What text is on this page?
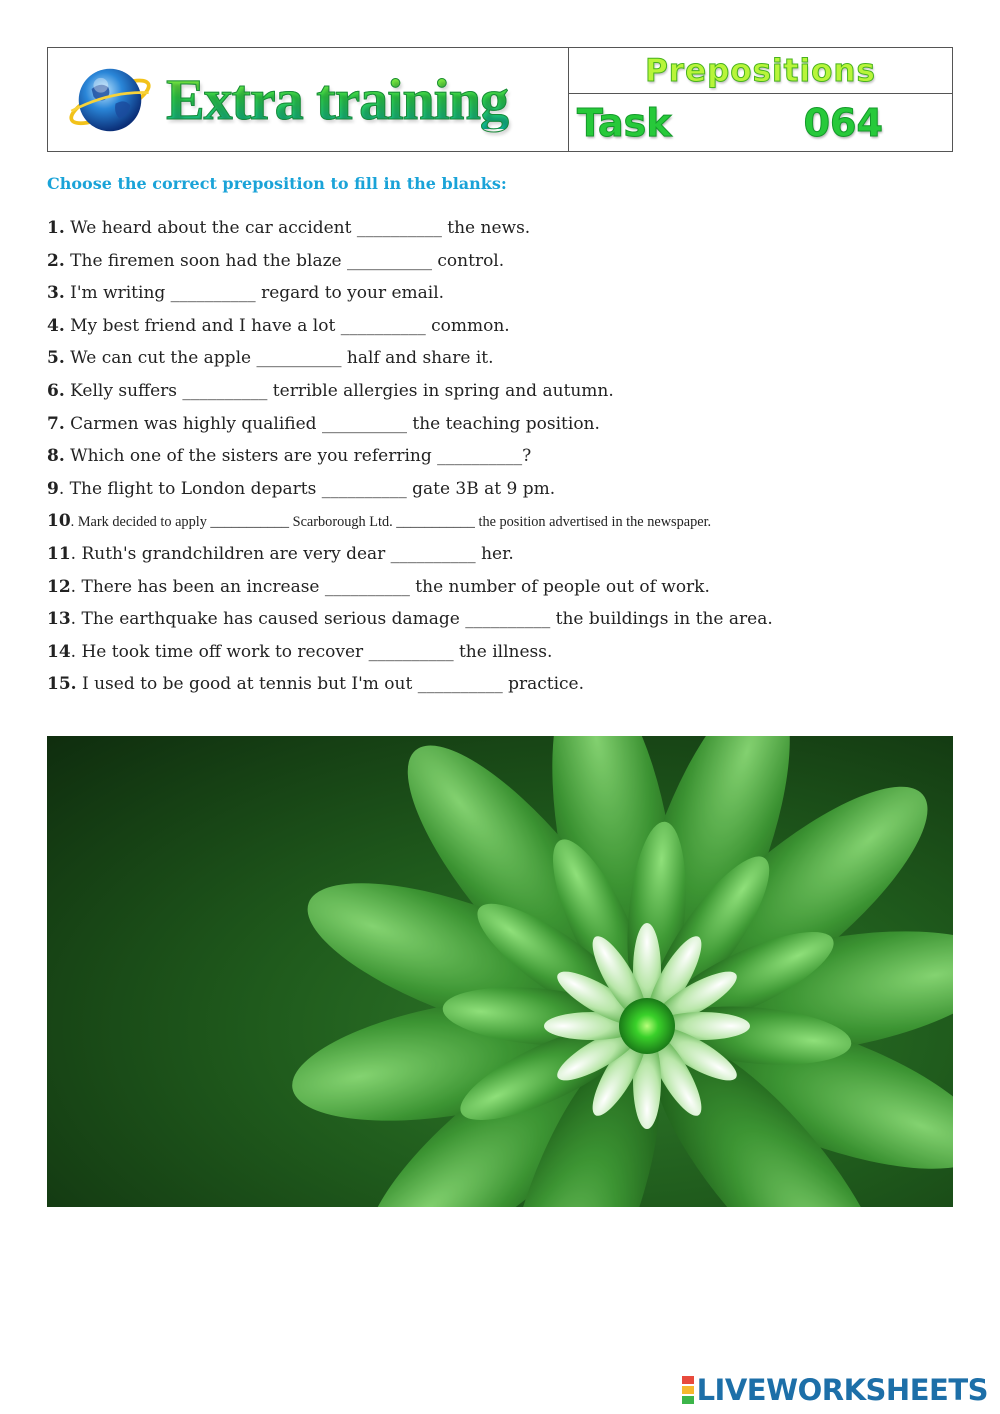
Extra training	Prepositions
Task	064
Choose the correct preposition to fill in the blanks:
1. We heard about the car accident __________ the news.
2. The firemen soon had the blaze __________ control.
3. I'm writing __________ regard to your email.
4. My best friend and I have a lot __________ common.
5. We can cut the apple __________ half and share it.
6. Kelly suffers __________ terrible allergies in spring and autumn.
7. Carmen was highly qualified __________ the teaching position.
8. Which one of the sisters are you referring __________?
9. The flight to London departs __________ gate 3B at 9 pm.
10. Mark decided to apply ___________ Scarborough Ltd. ___________ the position advertised in the newspaper.
11. Ruth's grandchildren are very dear __________ her.
12. There has been an increase __________ the number of people out of work.
13. The earthquake has caused serious damage __________ the buildings in the area.
14. He took time off work to recover __________ the illness.
15. I used to be good at tennis but I'm out __________ practice.
LIVEWORKSHEETS
